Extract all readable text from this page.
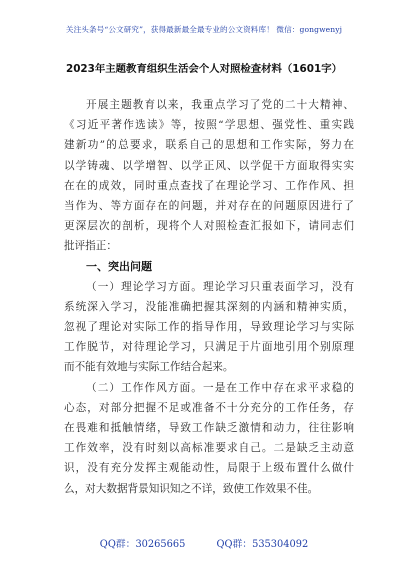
关注头条号“公文研究”，获得最新最全最专业的公文资料库！ 微信：gongwenyj
2023年主题教育组织生活会个人对照检查材料（1601字）
开展主题教育以来，我重点学习了党的二十大精神、
《习近平著作选读》等，按照“学思想、强党性、重实践
建新功”的总要求，联系自己的思想和工作实际，努力在
以学铸魂、以学增智、以学正风、以学促干方面取得实实
在在的成效，同时重点查找了在理论学习、工作作风、担
当作为、等方面存在的问题，并对存在的问题原因进行了
更深层次的剖析，现将个人对照检查汇报如下，请同志们
批评指正：
一、突出问题
（一）理论学习方面。理论学习只重表面学习，没有
系统深入学习，没能准确把握其深刻的内涵和精神实质，
忽视了理论对实际工作的指导作用，导致理论学习与实际
工作脱节，对待理论学习，只满足于片面地引用个别原理
而不能有效地与实际工作结合起来。
（二）工作作风方面。一是在工作中存在求平求稳的
心态，对部分把握不足或准备不十分充分的工作任务，存
在畏难和抵触情绪，导致工作缺乏激情和动力，往往影响
工作效率，没有时刻以高标准要求自己。二是缺乏主动意
识，没有充分发挥主观能动性，局限于上级布置什么做什
么，对大数据背景知识知之不详，致使工作效果不佳。
QQ群：30265665	QQ群：535304092
